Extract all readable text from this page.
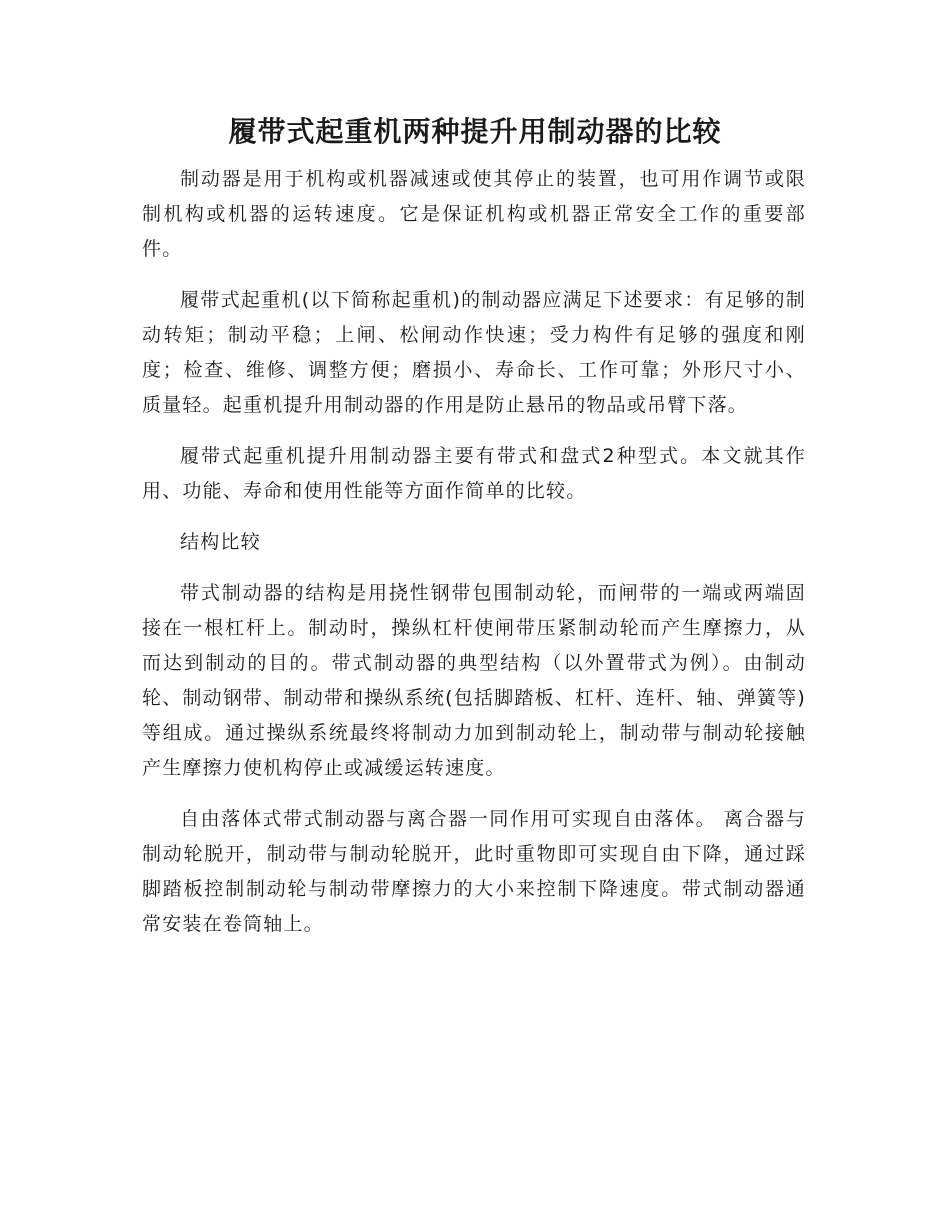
履带式起重机两种提升用制动器的比较

制动器是用于机构或机器减速或使其停止的装置，也可用作调节或限制机构或机器的运转速度。它是保证机构或机器正常安全工作的重要部件。

履带式起重机(以下简称起重机)的制动器应满足下述要求：有足够的制动转矩；制动平稳；上闸、松闸动作快速；受力构件有足够的强度和刚度；检查、维修、调整方便；磨损小、寿命长、工作可靠；外形尺寸小、质量轻。起重机提升用制动器的作用是防止悬吊的物品或吊臂下落。

履带式起重机提升用制动器主要有带式和盘式2种型式。本文就其作用、功能、寿命和使用性能等方面作简单的比较。

结构比较

带式制动器的结构是用挠性钢带包围制动轮，而闸带的一端或两端固接在一根杠杆上。制动时，操纵杠杆使闸带压紧制动轮而产生摩擦力，从而达到制动的目的。带式制动器的典型结构（以外置带式为例）。由制动轮、制动钢带、制动带和操纵系统(包括脚踏板、杠杆、连杆、轴、弹簧等)等组成。通过操纵系统最终将制动力加到制动轮上，制动带与制动轮接触产生摩擦力使机构停止或减缓运转速度。

自由落体式带式制动器与离合器一同作用可实现自由落体。 离合器与制动轮脱开，制动带与制动轮脱开，此时重物即可实现自由下降，通过踩脚踏板控制制动轮与制动带摩擦力的大小来控制下降速度。带式制动器通常安装在卷筒轴上。
